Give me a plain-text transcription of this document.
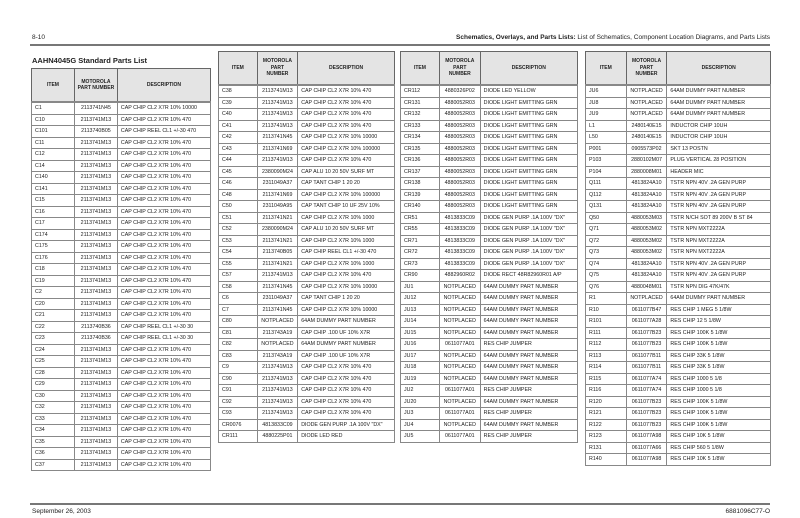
8-10	Schematics, Overlays, and Parts Lists: List of Schematics, Component Location Diagrams, and Parts Lists
AAHN4045G Standard Parts List
ITEM	MOTOROLA PART NUMBER	DESCRIPTION
C1	2113741N45	CAP CHIP CL2 X7R 10% 10000
C10	2113741M13	CAP CHIP CL2 X7R 10% 470
C101	2113740B05	CAP CHIP REEL CL1 +/-30 470
C11	2113741M13	CAP CHIP CL2 X7R 10% 470
C12	2113741M13	CAP CHIP CL2 X7R 10% 470
C14	2113741M13	CAP CHIP CL2 X7R 10% 470
C140	2113741M13	CAP CHIP CL2 X7R 10% 470
C141	2113741M13	CAP CHIP CL2 X7R 10% 470
C15	2113741M13	CAP CHIP CL2 X7R 10% 470
C16	2113741M13	CAP CHIP CL2 X7R 10% 470
C17	2113741M13	CAP CHIP CL2 X7R 10% 470
C174	2113741M13	CAP CHIP CL2 X7R 10% 470
C175	2113741M13	CAP CHIP CL2 X7R 10% 470
C176	2113741M13	CAP CHIP CL2 X7R 10% 470
C18	2113741M13	CAP CHIP CL2 X7R 10% 470
C19	2113741M13	CAP CHIP CL2 X7R 10% 470
C2	2113741M13	CAP CHIP CL2 X7R 10% 470
C20	2113741M13	CAP CHIP CL2 X7R 10% 470
C21	2113741M13	CAP CHIP CL2 X7R 10% 470
C22	2113740B36	CAP CHIP REEL CL1 +/-30 30
C23	2113740B36	CAP CHIP REEL CL1 +/-30 30
C24	2113741M13	CAP CHIP CL2 X7R 10% 470
C25	2113741M13	CAP CHIP CL2 X7R 10% 470
C28	2113741M13	CAP CHIP CL2 X7R 10% 470
C29	2113741M13	CAP CHIP CL2 X7R 10% 470
C30	2113741M13	CAP CHIP CL2 X7R 10% 470
C32	2113741M13	CAP CHIP CL2 X7R 10% 470
C33	2113741M13	CAP CHIP CL2 X7R 10% 470
C34	2113741M13	CAP CHIP CL2 X7R 10% 470
C35	2113741M13	CAP CHIP CL2 X7R 10% 470
C36	2113741M13	CAP CHIP CL2 X7R 10% 470
C37	2113741M13	CAP CHIP CL2 X7R 10% 470
ITEM	MOTOROLA PART NUMBER	DESCRIPTION
C38	2113741M13	CAP CHIP CL2 X7R 10% 470
C39	2113741M13	CAP CHIP CL2 X7R 10% 470
C40	2113741M13	CAP CHIP CL2 X7R 10% 470
C41	2113741M13	CAP CHIP CL2 X7R 10% 470
C42	2113741N45	CAP CHIP CL2 X7R 10% 10000
C43	2113741N69	CAP CHIP CL2 X7R 10% 100000
C44	2113741M13	CAP CHIP CL2 X7R 10% 470
C45	2380090M24	CAP ALU 10 20 50V SURF MT
C46	2311049A37	CAP TANT CHIP 1 20 20
C48	2113741N69	CAP CHIP CL2 X7R 10% 100000
C50	2311049A95	CAP TANT CHIP 10 UF 25V 10%
C51	2113741N21	CAP CHIP CL2 X7R 10% 1000
C52	2380090M24	CAP ALU 10 20 50V SURF MT
C53	2113741N21	CAP CHIP CL2 X7R 10% 1000
C54	2113740B05	CAP CHIP REEL CL1 +/-30 470
C55	2113741N21	CAP CHIP CL2 X7R 10% 1000
C57	2113741M13	CAP CHIP CL2 X7R 10% 470
C58	2113741N45	CAP CHIP CL2 X7R 10% 10000
C6	2311049A37	CAP TANT CHIP 1 20 20
C7	2113741N45	CAP CHIP CL2 X7R 10% 10000
C80	NOTPLACED	64AM DUMMY PART NUMBER
C81	2113743A19	CAP CHIP .100 UF 10% X7R
C82	NOTPLACED	64AM DUMMY PART NUMBER
C83	2113743A19	CAP CHIP .100 UF 10% X7R
C9	2113741M13	CAP CHIP CL2 X7R 10% 470
C90	2113741M13	CAP CHIP CL2 X7R 10% 470
C91	2113741M13	CAP CHIP CL2 X7R 10% 470
C92	2113741M13	CAP CHIP CL2 X7R 10% 470
C93	2113741M13	CAP CHIP CL2 X7R 10% 470
CR0076	4813833C09	DIODE GEN PURP .1A 100V "DX"
CR111	4880225P01	DIODE LED RED
ITEM	MOTOROLA PART NUMBER	DESCRIPTION
CR112	4880326P02	DIODE LED YELLOW
CR131	4880052R03	DIODE LIGHT EMITTING GRN
CR132	4880052R03	DIODE LIGHT EMITTING GRN
CR133	4880052R03	DIODE LIGHT EMITTING GRN
CR134	4880052R03	DIODE LIGHT EMITTING GRN
CR135	4880052R03	DIODE LIGHT EMITTING GRN
CR136	4880052R03	DIODE LIGHT EMITTING GRN
CR137	4880052R03	DIODE LIGHT EMITTING GRN
CR138	4880052R03	DIODE LIGHT EMITTING GRN
CR139	4880052R03	DIODE LIGHT EMITTING GRN
CR140	4880052R03	DIODE LIGHT EMITTING GRN
CR51	4813833C09	DIODE GEN PURP .1A 100V "DX"
CR55	4813833C09	DIODE GEN PURP .1A 100V "DX"
CR71	4813833C09	DIODE GEN PURP .1A 100V "DX"
CR72	4813833C09	DIODE GEN PURP .1A 100V "DX"
CR73	4813833C09	DIODE GEN PURP .1A 100V "DX"
CR90	4882960R02	DIODE RECT 48R82960R01 A/P
JU1	NOTPLACED	64AM DUMMY PART NUMBER
JU12	NOTPLACED	64AM DUMMY PART NUMBER
JU13	NOTPLACED	64AM DUMMY PART NUMBER
JU14	NOTPLACED	64AM DUMMY PART NUMBER
JU15	NOTPLACED	64AM DUMMY PART NUMBER
JU16	0611077A01	RES CHIP JUMPER
JU17	NOTPLACED	64AM DUMMY PART NUMBER
JU18	NOTPLACED	64AM DUMMY PART NUMBER
JU19	NOTPLACED	64AM DUMMY PART NUMBER
JU2	0611077A01	RES CHIP JUMPER
JU20	NOTPLACED	64AM DUMMY PART NUMBER
JU3	0611077A01	RES CHIP JUMPER
JU4	NOTPLACED	64AM DUMMY PART NUMBER
JU5	0611077A01	RES CHIP JUMPER
ITEM	MOTOROLA PART NUMBER	DESCRIPTION
JU6	NOTPLACED	64AM DUMMY PART NUMBER
JU8	NOTPLACED	64AM DUMMY PART NUMBER
JU9	NOTPLACED	64AM DUMMY PART NUMBER
L1	2480140E15	INDUCTOR CHIP 10UH
L50	2480140E15	INDUCTOR CHIP 10UH
P001	0905573P02	SKT 13 POSTN
P103	2880102M07	PLUG VERTICAL 28 POSITION
P104	2880008M01	HEADER MIC
Q111	4813824A10	TSTR NPN 40V .2A GEN PURP
Q112	4813824A10	TSTR NPN 40V .2A GEN PURP
Q131	4813824A10	TSTR NPN 40V .2A GEN PURP
Q50	4880053M03	TSTR N/CH SOT 89 200V B ST 84
Q71	4880053M02	TSTR NPN MXT2222A
Q72	4880053M02	TSTR NPN MXT2222A
Q73	4880053M02	TSTR NPN MXT2222A
Q74	4813824A10	TSTR NPN 40V .2A GEN PURP
Q75	4813824A10	TSTR NPN 40V .2A GEN PURP
Q76	4880048M01	TSTR NPN DIG 47K/47K
R1	NOTPLACED	64AM DUMMY PART NUMBER
R10	0611077B47	RES CHIP 1 MEG 5 1/8W
R101	0611077A28	RES CHIP 12 5 1/8W
R111	0611077B23	RES CHIP 100K 5 1/8W
R112	0611077B23	RES CHIP 100K 5 1/8W
R113	0611077B11	RES CHIP 33K 5 1/8W
R114	0611077B11	RES CHIP 33K 5 1/8W
R115	0611077A74	RES CHIP 1000 5 1/8
R116	0611077A74	RES CHIP 1000 5 1/8
R120	0611077B23	RES CHIP 100K 5 1/8W
R121	0611077B23	RES CHIP 100K 5 1/8W
R122	0611077B23	RES CHIP 100K 5 1/8W
R123	0611077A98	RES CHIP 10K 5 1/8W
R131	0611077A66	RES CHIP 560 5 1/8W
R140	0611077A98	RES CHIP 10K 5 1/8W
September 26, 2003	6881096C77-O
